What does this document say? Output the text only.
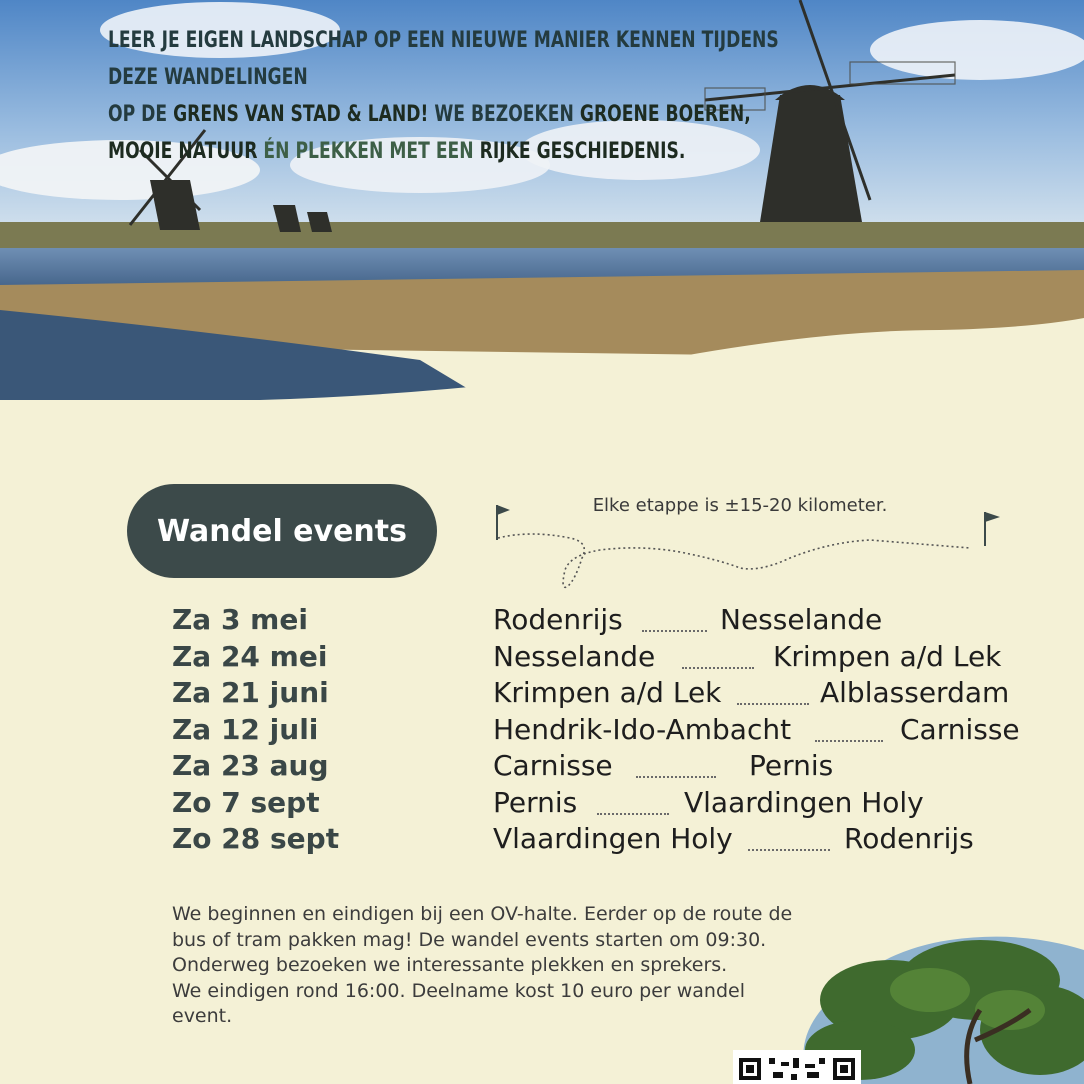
LEER JE EIGEN LANDSCHAP OP EEN NIEUWE MANIER KENNEN TIJDENS DEZE WANDELINGEN
OP DE GRENS VAN STAD & LAND! WE BEZOEKEN GROENE BOEREN,
MOOIE NATUUR ÉN PLEKKEN MET EEN RIJKE GESCHIEDENIS.
Wandel events
Elke etappe is ±15-20 kilometer.
Za 3 mei	Rodenrijs	Nesselande
Za 24 mei	Nesselande	Krimpen a/d Lek
Za 21 juni	Krimpen a/d Lek	Alblasserdam
Za 12 juli	Hendrik-Ido-Ambacht	Carnisse
Za 23 aug	Carnisse	Pernis
Zo 7 sept	Pernis	Vlaardingen Holy
Zo 28 sept	Vlaardingen Holy	Rodenrijs
We beginnen en eindigen bij een OV-halte. Eerder op de route de
bus of tram pakken mag! De wandel events starten om 09:30.
Onderweg bezoeken we interessante plekken en sprekers.
We eindigen rond 16:00. Deelname kost 10 euro per wandel
event.
